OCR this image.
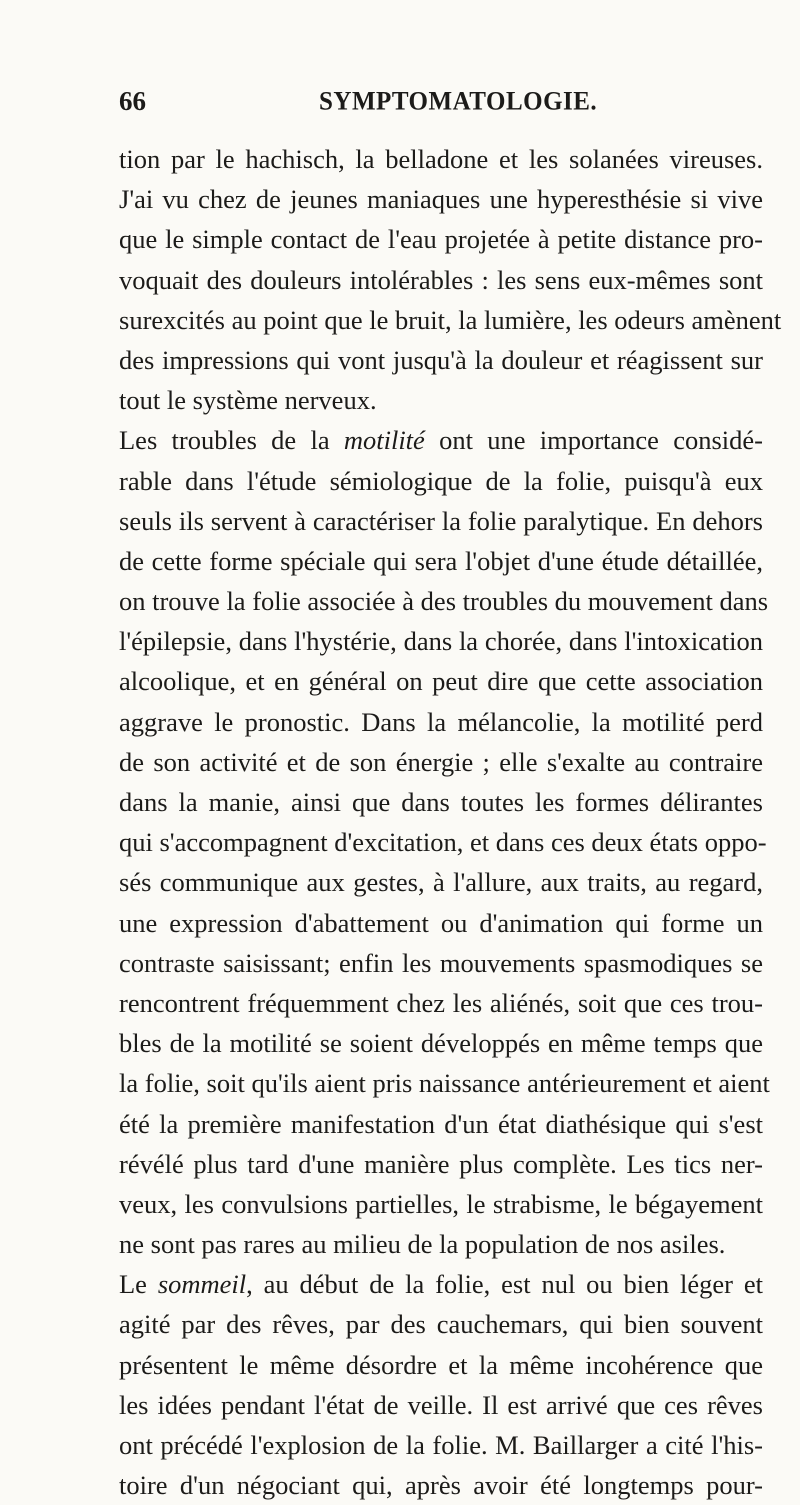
66	SYMPTOMATOLOGIE.
tion par le hachisch, la belladone et les solanées vireuses.
J'ai vu chez de jeunes maniaques une hyperesthésie si vive
que le simple contact de l'eau projetée à petite distance pro-
voquait des douleurs intolérables : les sens eux-mêmes sont
surexcités au point que le bruit, la lumière, les odeurs amènent
des impressions qui vont jusqu'à la douleur et réagissent sur
tout le système nerveux.
Les troubles de la motilité ont une importance considé-
rable dans l'étude sémiologique de la folie, puisqu'à eux
seuls ils servent à caractériser la folie paralytique. En dehors
de cette forme spéciale qui sera l'objet d'une étude détaillée,
on trouve la folie associée à des troubles du mouvement dans
l'épilepsie, dans l'hystérie, dans la chorée, dans l'intoxication
alcoolique, et en général on peut dire que cette association
aggrave le pronostic. Dans la mélancolie, la motilité perd
de son activité et de son énergie ; elle s'exalte au contraire
dans la manie, ainsi que dans toutes les formes délirantes
qui s'accompagnent d'excitation, et dans ces deux états oppo-
sés communique aux gestes, à l'allure, aux traits, au regard,
une expression d'abattement ou d'animation qui forme un
contraste saisissant; enfin les mouvements spasmodiques se
rencontrent fréquemment chez les aliénés, soit que ces trou-
bles de la motilité se soient développés en même temps que
la folie, soit qu'ils aient pris naissance antérieurement et aient
été la première manifestation d'un état diathésique qui s'est
révélé plus tard d'une manière plus complète. Les tics ner-
veux, les convulsions partielles, le strabisme, le bégayement
ne sont pas rares au milieu de la population de nos asiles.
Le sommeil, au début de la folie, est nul ou bien léger et
agité par des rêves, par des cauchemars, qui bien souvent
présentent le même désordre et la même incohérence que
les idées pendant l'état de veille. Il est arrivé que ces rêves
ont précédé l'explosion de la folie. M. Baillarger a cité l'his-
toire d'un négociant qui, après avoir été longtemps pour-
